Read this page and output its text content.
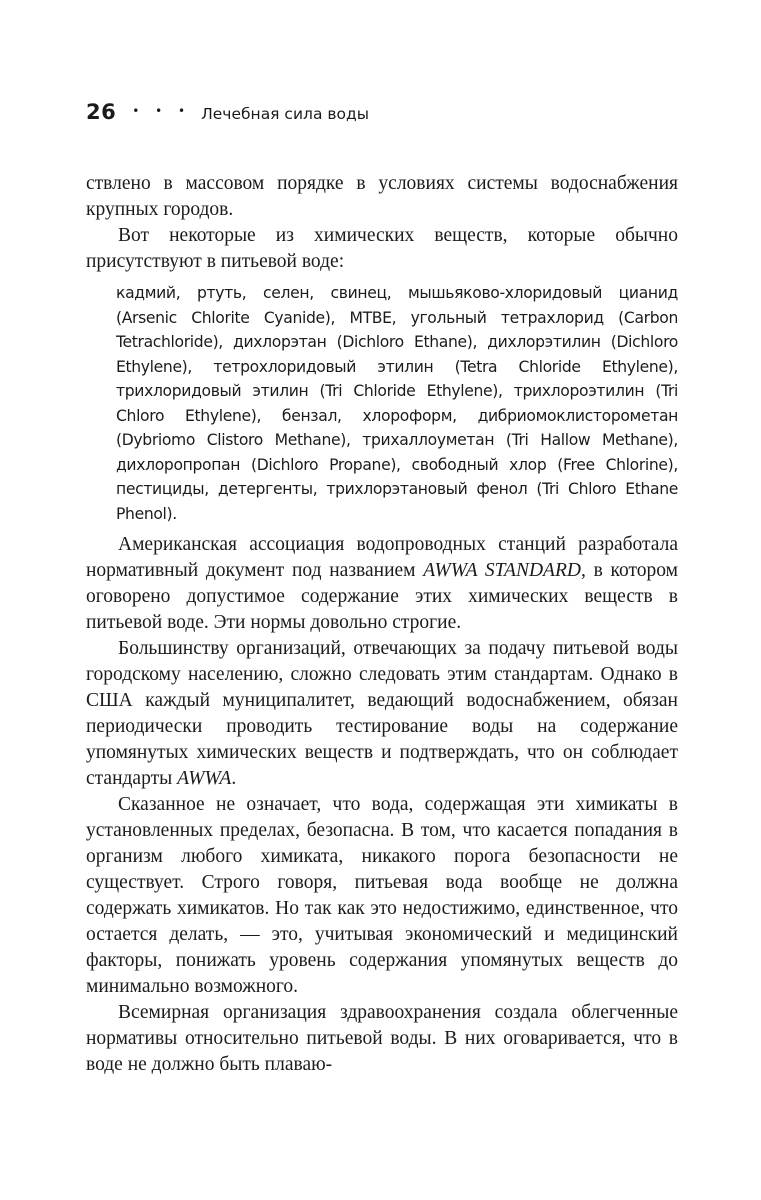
26 • • • Лечебная сила воды

ствлено в массовом порядке в условиях системы водоснабжения крупных городов.

Вот некоторые из химических веществ, которые обычно присутствуют в питьевой воде:

кадмий, ртуть, селен, свинец, мышьяково-хлоридовый цианид (Arsenic Chlorite Cyanide), MTBE, угольный тетрахлорид (Carbon Tetrachloride), дихлорэтан (Dichloro Ethane), дихлорэтилин (Dichloro Ethylene), тетрохлоридовый этилин (Tetra Chloride Ethylene), трихлоридовый этилин (Tri Chloride Ethylene), трихлороэтилин (Tri Chloro Ethylene), бензал, хлороформ, дибриомоклисторометан (Dybriomo Clistoro Methane), трихаллоуметан (Tri Hallow Methane), дихлоропропан (Dichloro Propane), свободный хлор (Free Chlorine), пестициды, детергенты, трихлорэтановый фенол (Tri Chloro Ethane Phenol).

Американская ассоциация водопроводных станций разработала нормативный документ под названием AWWA STANDARD, в котором оговорено допустимое содержание этих химических веществ в питьевой воде. Эти нормы довольно строгие.

Большинству организаций, отвечающих за подачу питьевой воды городскому населению, сложно следовать этим стандартам. Однако в США каждый муниципалитет, ведающий водоснабжением, обязан периодически проводить тестирование воды на содержание упомянутых химических веществ и подтверждать, что он соблюдает стандарты AWWA.

Сказанное не означает, что вода, содержащая эти химикаты в установленных пределах, безопасна. В том, что касается попадания в организм любого химиката, никакого порога безопасности не существует. Строго говоря, питьевая вода вообще не должна содержать химикатов. Но так как это недостижимо, единственное, что остается делать, — это, учитывая экономический и медицинский факторы, понижать уровень содержания упомянутых веществ до минимально возможного.

Всемирная организация здравоохранения создала облегченные нормативы относительно питьевой воды. В них оговаривается, что в воде не должно быть плаваю-
